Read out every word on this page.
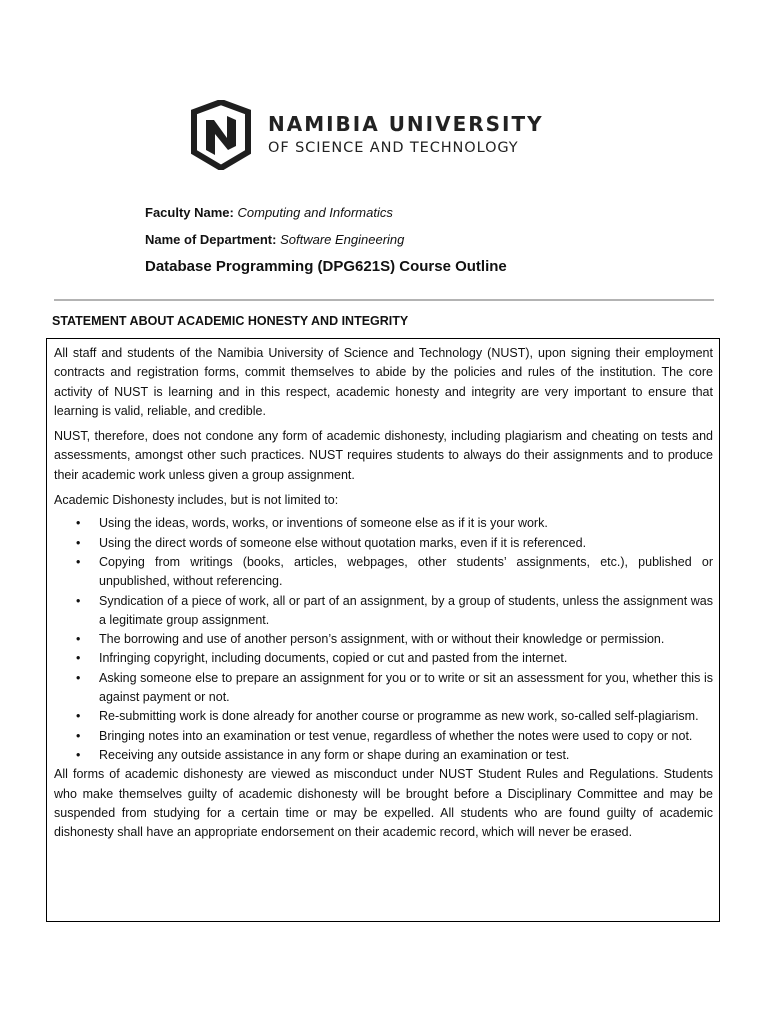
NAMIBIA UNIVERSITY
OF SCIENCE AND TECHNOLOGY
Faculty Name: Computing and Informatics
Name of Department: Software Engineering
Database Programming (DPG621S) Course Outline
STATEMENT ABOUT ACADEMIC HONESTY AND INTEGRITY

All staff and students of the Namibia University of Science and Technology (NUST), upon signing their employment contracts and registration forms, commit themselves to abide by the policies and rules of the institution. The core activity of NUST is learning and in this respect, academic honesty and integrity are very important to ensure that learning is valid, reliable, and credible.

NUST, therefore, does not condone any form of academic dishonesty, including plagiarism and cheating on tests and assessments, amongst other such practices. NUST requires students to always do their assignments and to produce their academic work unless given a group assignment.

Academic Dishonesty includes, but is not limited to:

• Using the ideas, words, works, or inventions of someone else as if it is your work.
• Using the direct words of someone else without quotation marks, even if it is referenced.
• Copying from writings (books, articles, webpages, other students’ assignments, etc.), published or unpublished, without referencing.
• Syndication of a piece of work, all or part of an assignment, by a group of students, unless the assignment was a legitimate group assignment.
• The borrowing and use of another person’s assignment, with or without their knowledge or permission.
• Infringing copyright, including documents, copied or cut and pasted from the internet.
• Asking someone else to prepare an assignment for you or to write or sit an assessment for you, whether this is against payment or not.
• Re-submitting work is done already for another course or programme as new work, so-called self-plagiarism.
• Bringing notes into an examination or test venue, regardless of whether the notes were used to copy or not.
• Receiving any outside assistance in any form or shape during an examination or test.

All forms of academic dishonesty are viewed as misconduct under NUST Student Rules and Regulations. Students who make themselves guilty of academic dishonesty will be brought before a Disciplinary Committee and may be suspended from studying for a certain time or may be expelled. All students who are found guilty of academic dishonesty shall have an appropriate endorsement on their academic record, which will never be erased.
